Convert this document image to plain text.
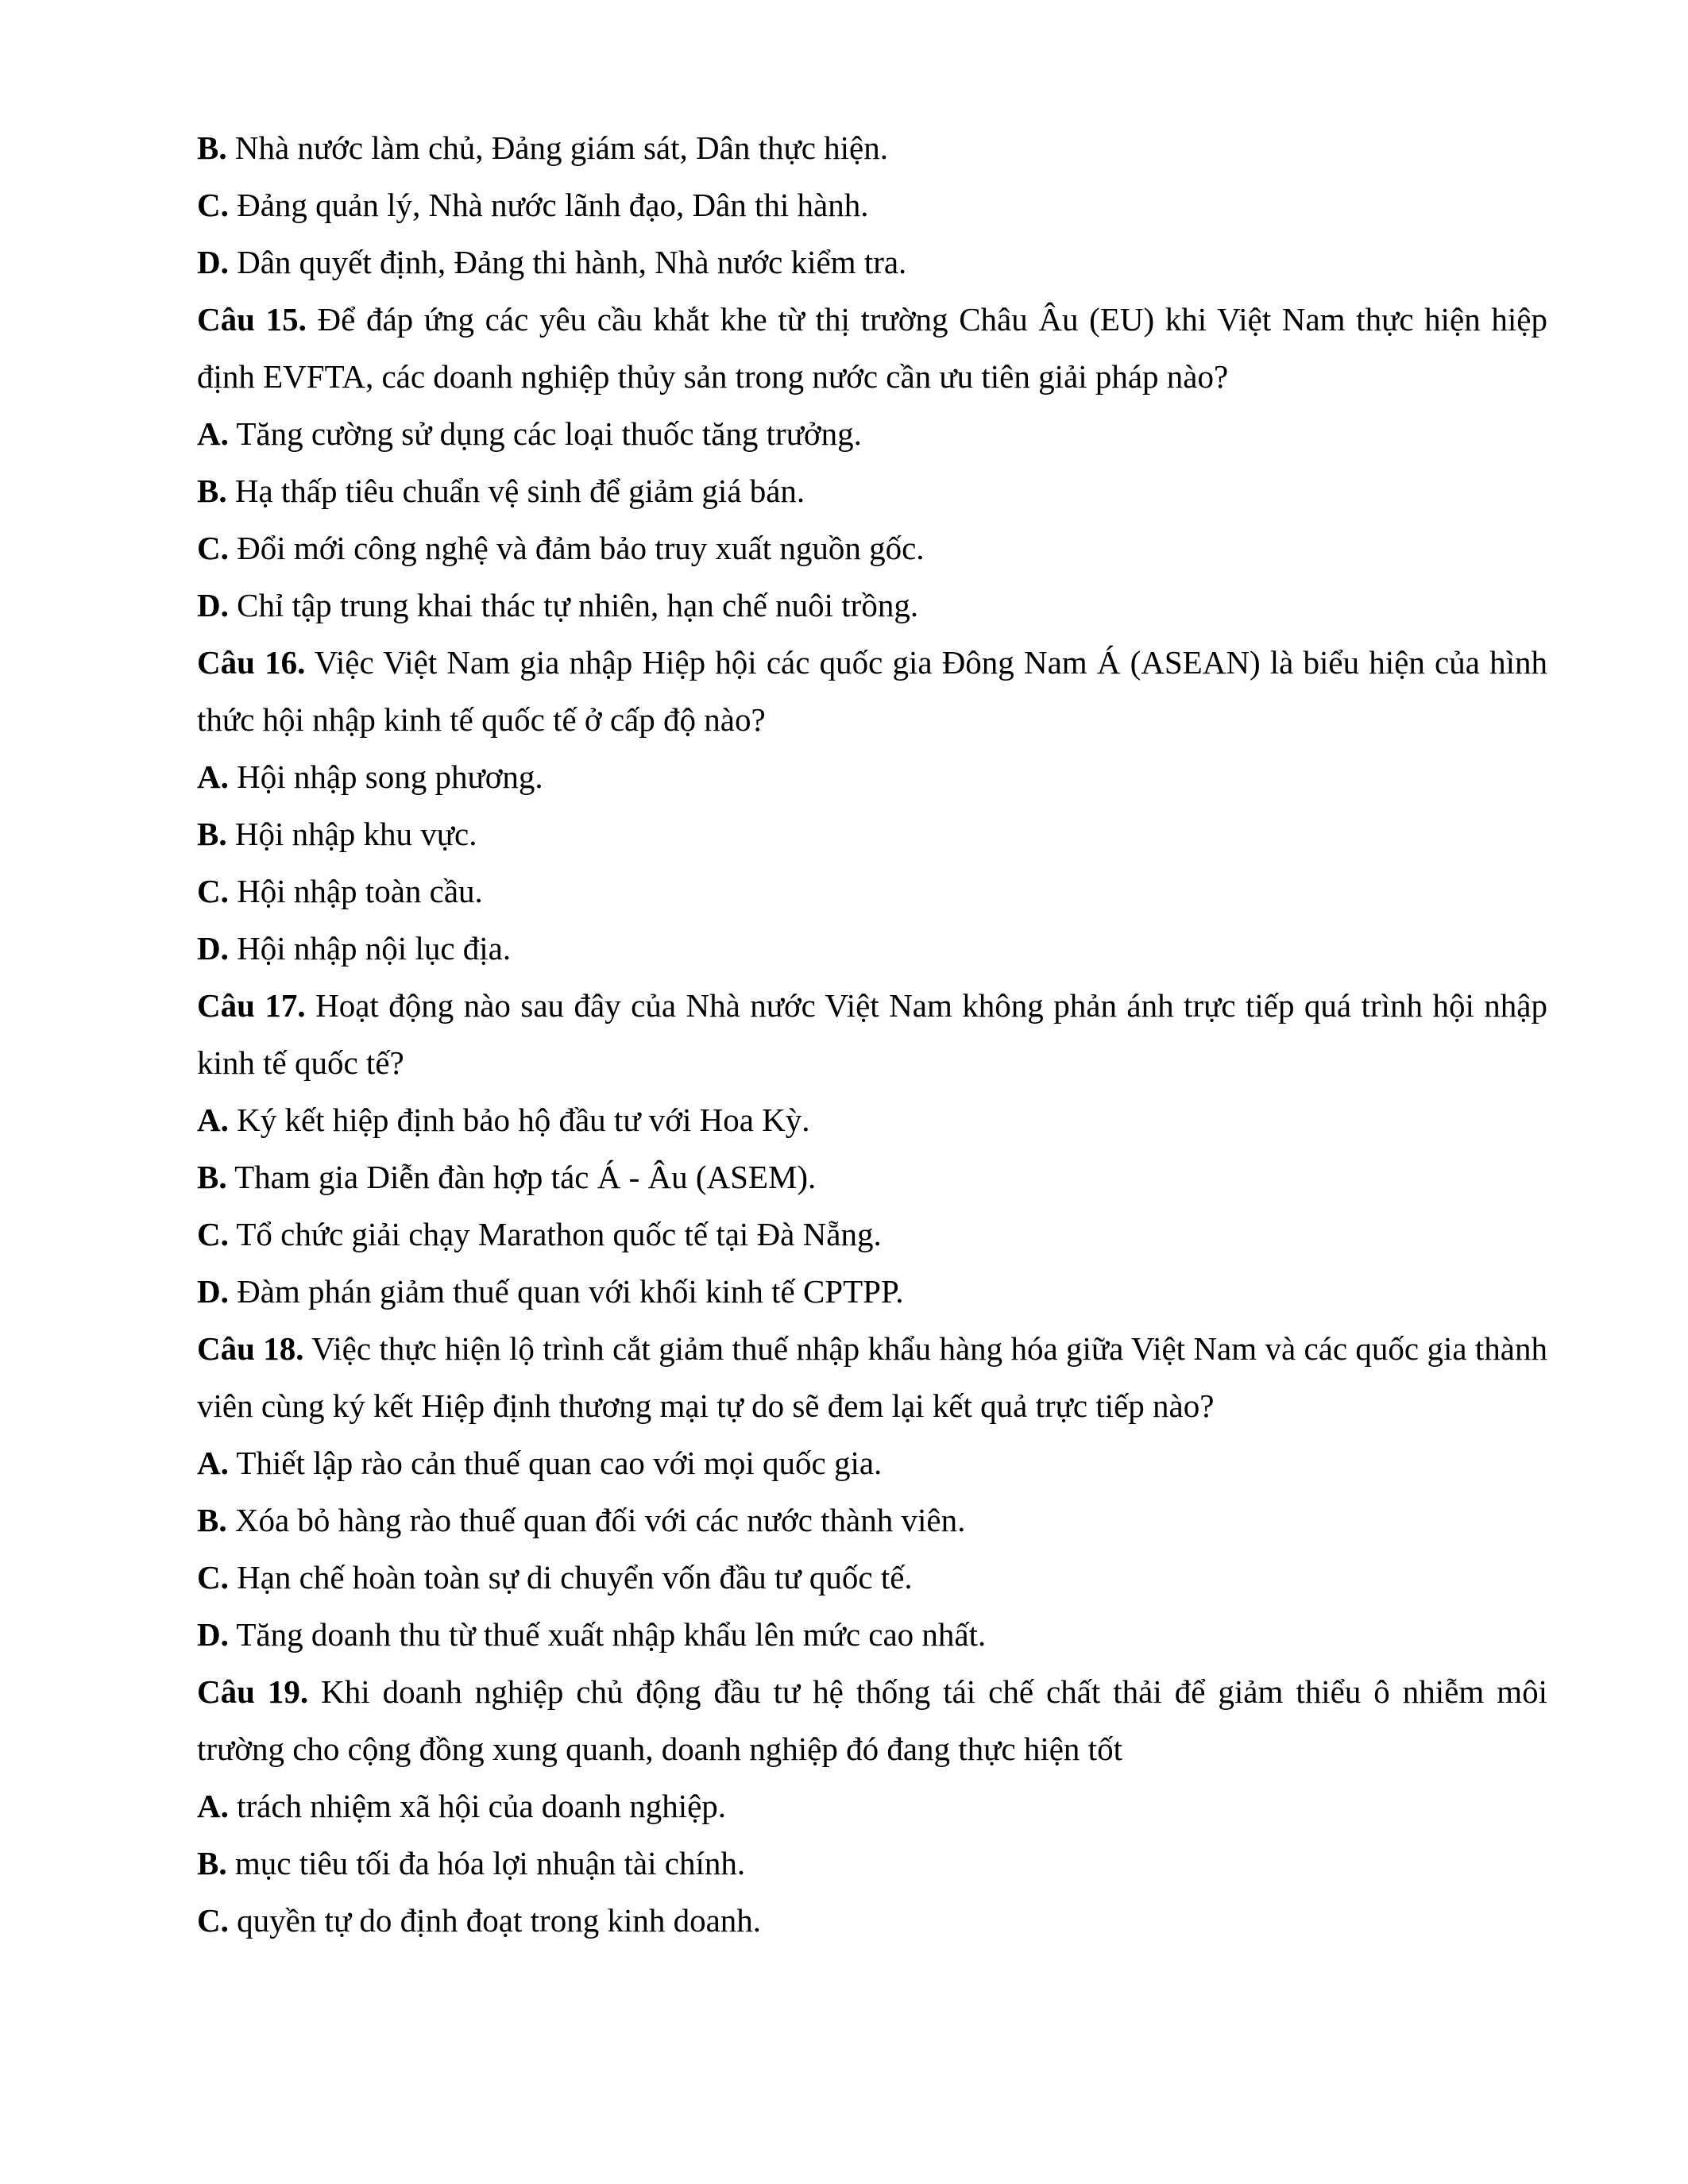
B. Nhà nước làm chủ, Đảng giám sát, Dân thực hiện.
C. Đảng quản lý, Nhà nước lãnh đạo, Dân thi hành.
D. Dân quyết định, Đảng thi hành, Nhà nước kiểm tra.
Câu 15. Để đáp ứng các yêu cầu khắt khe từ thị trường Châu Âu (EU) khi Việt Nam thực hiện hiệp định EVFTA, các doanh nghiệp thủy sản trong nước cần ưu tiên giải pháp nào?
A. Tăng cường sử dụng các loại thuốc tăng trưởng.
B. Hạ thấp tiêu chuẩn vệ sinh để giảm giá bán.
C. Đổi mới công nghệ và đảm bảo truy xuất nguồn gốc.
D. Chỉ tập trung khai thác tự nhiên, hạn chế nuôi trồng.
Câu 16. Việc Việt Nam gia nhập Hiệp hội các quốc gia Đông Nam Á (ASEAN) là biểu hiện của hình thức hội nhập kinh tế quốc tế ở cấp độ nào?
A. Hội nhập song phương.
B. Hội nhập khu vực.
C. Hội nhập toàn cầu.
D. Hội nhập nội lục địa.
Câu 17. Hoạt động nào sau đây của Nhà nước Việt Nam không phản ánh trực tiếp quá trình hội nhập kinh tế quốc tế?
A. Ký kết hiệp định bảo hộ đầu tư với Hoa Kỳ.
B. Tham gia Diễn đàn hợp tác Á - Âu (ASEM).
C. Tổ chức giải chạy Marathon quốc tế tại Đà Nẵng.
D. Đàm phán giảm thuế quan với khối kinh tế CPTPP.
Câu 18. Việc thực hiện lộ trình cắt giảm thuế nhập khẩu hàng hóa giữa Việt Nam và các quốc gia thành viên cùng ký kết Hiệp định thương mại tự do sẽ đem lại kết quả trực tiếp nào?
A. Thiết lập rào cản thuế quan cao với mọi quốc gia.
B. Xóa bỏ hàng rào thuế quan đối với các nước thành viên.
C. Hạn chế hoàn toàn sự di chuyển vốn đầu tư quốc tế.
D. Tăng doanh thu từ thuế xuất nhập khẩu lên mức cao nhất.
Câu 19. Khi doanh nghiệp chủ động đầu tư hệ thống tái chế chất thải để giảm thiểu ô nhiễm môi trường cho cộng đồng xung quanh, doanh nghiệp đó đang thực hiện tốt
A. trách nhiệm xã hội của doanh nghiệp.
B. mục tiêu tối đa hóa lợi nhuận tài chính.
C. quyền tự do định đoạt trong kinh doanh.
